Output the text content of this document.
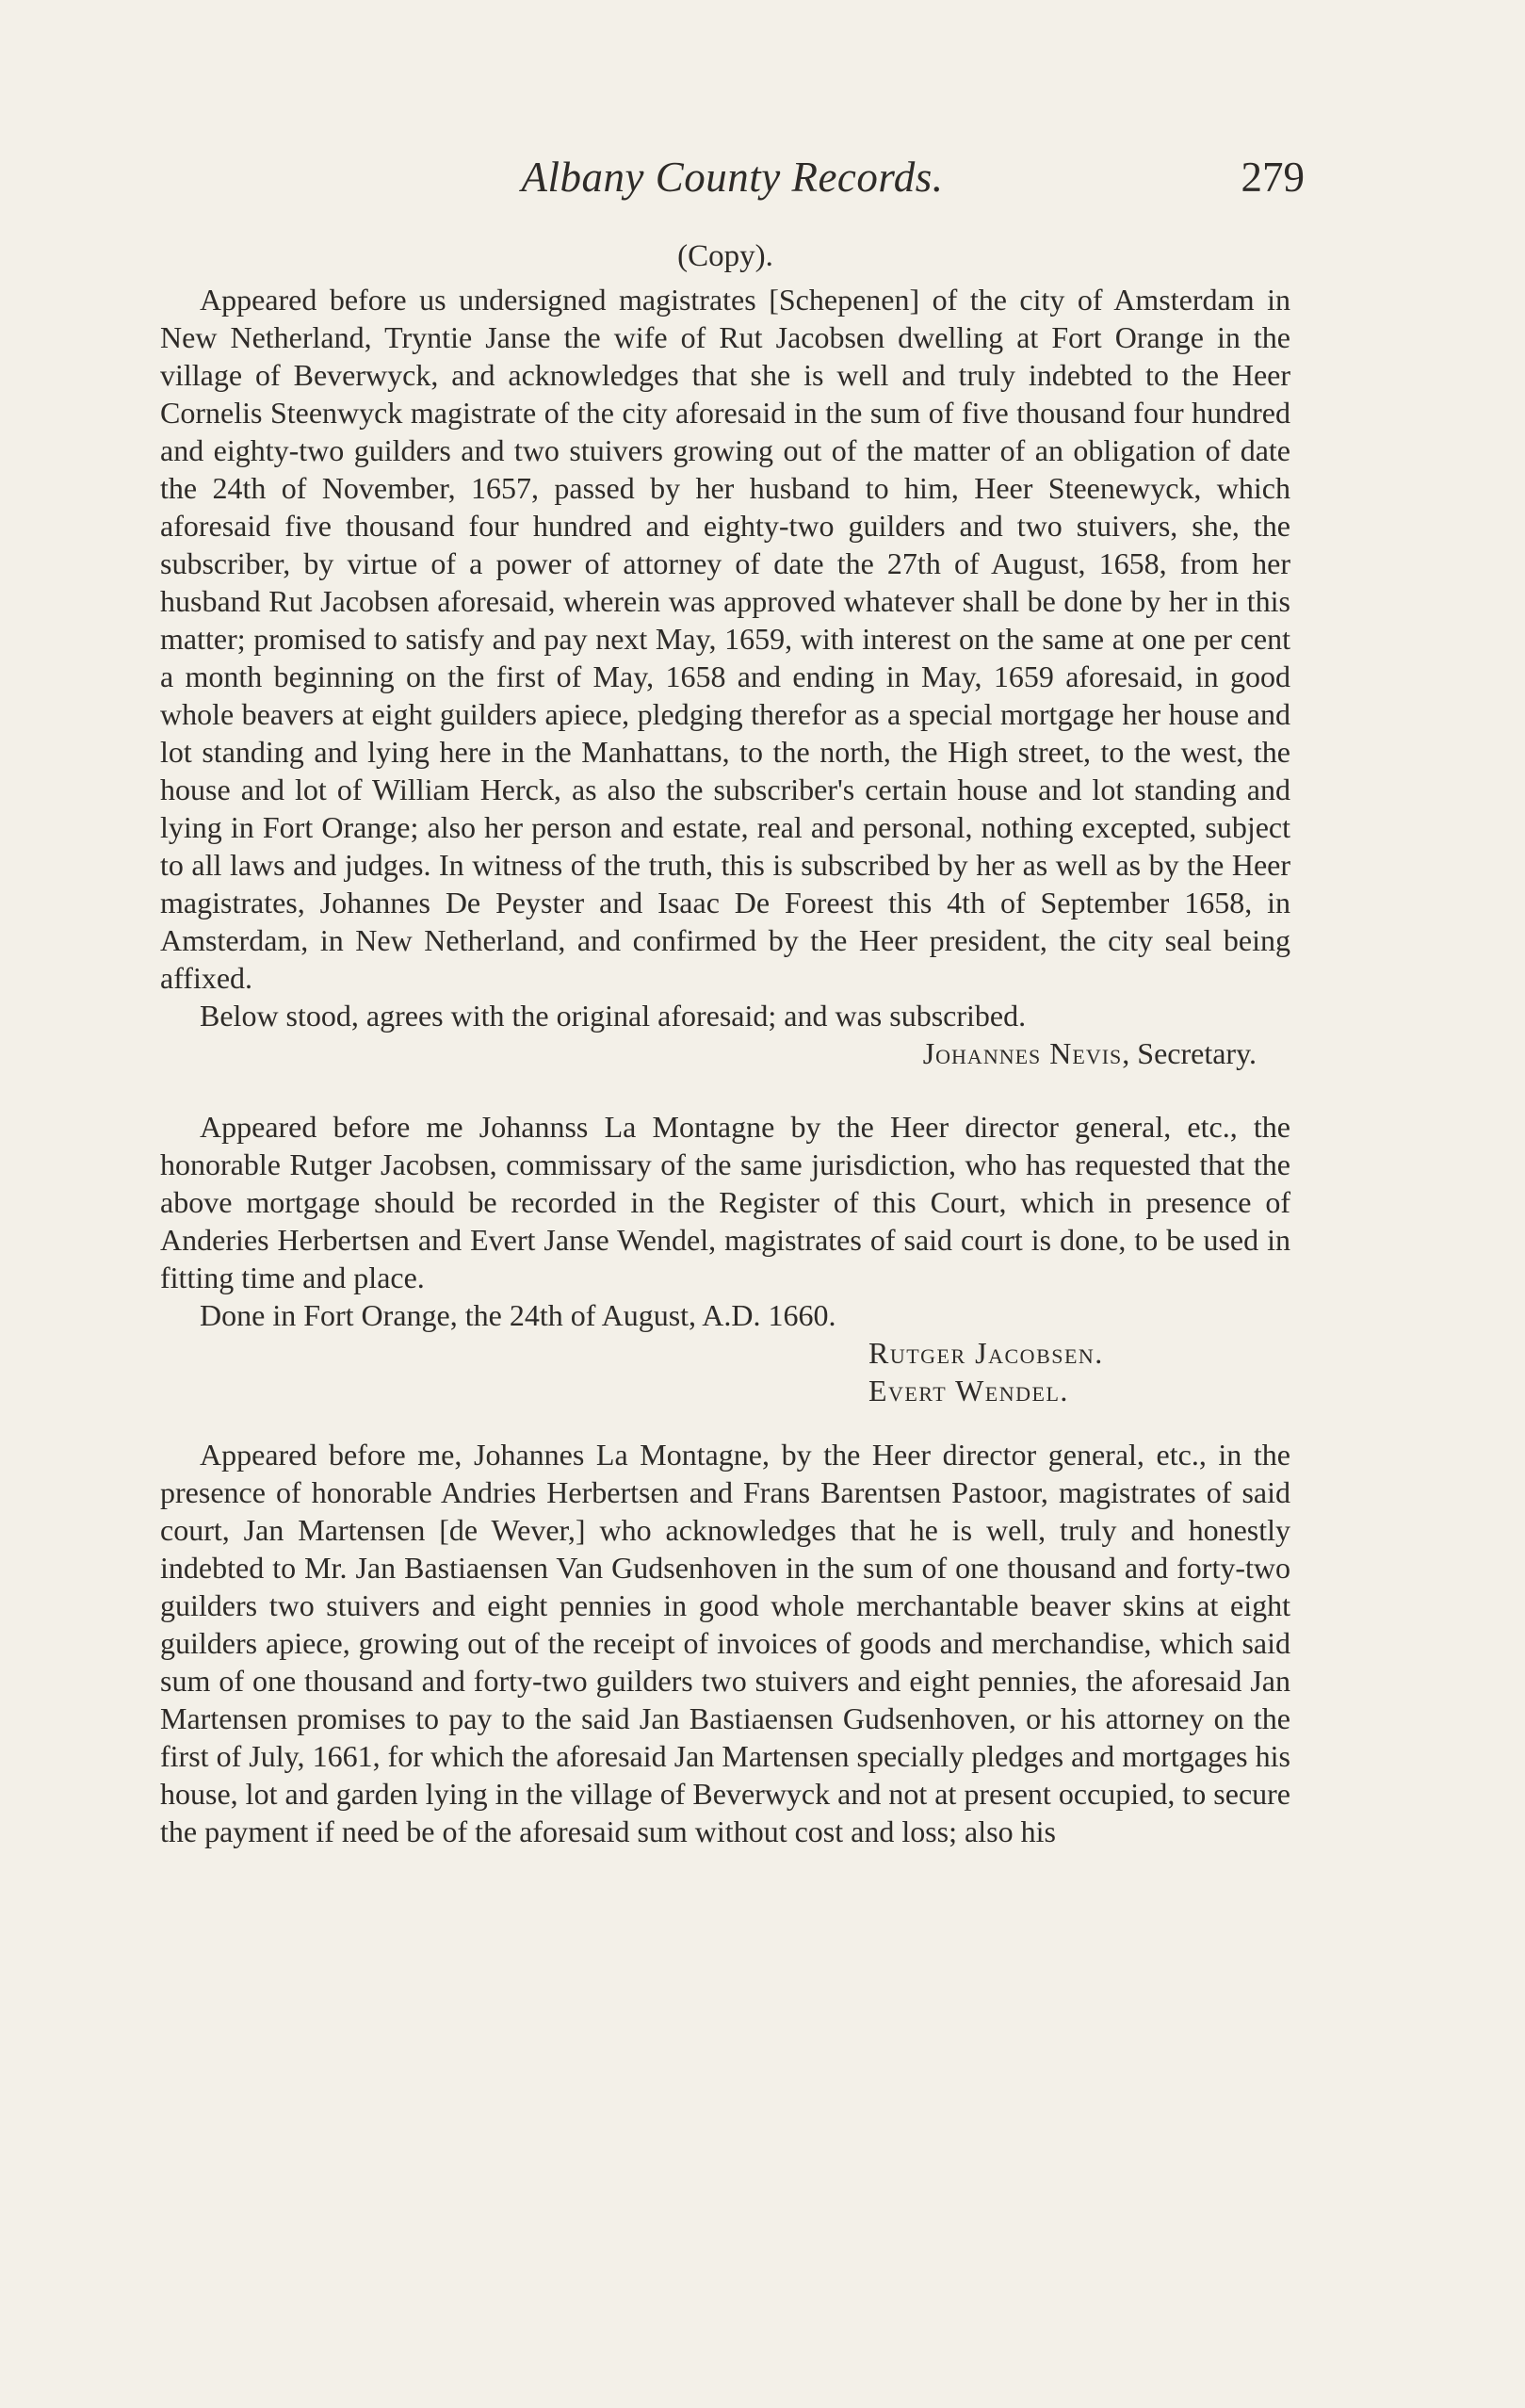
Albany County Records.	279
(Copy).

Appeared before us undersigned magistrates [Schepenen] of the city of Amsterdam in New Netherland, Tryntie Janse the wife of Rut Jacobsen dwelling at Fort Orange in the village of Beverwyck, and acknowledges that she is well and truly indebted to the Heer Cornelis Steenwyck magistrate of the city aforesaid in the sum of five thousand four hundred and eighty-two guilders and two stuivers growing out of the matter of an obligation of date the 24th of November, 1657, passed by her husband to him, Heer Steenewyck, which aforesaid five thousand four hundred and eighty-two guilders and two stuivers, she, the subscriber, by virtue of a power of attorney of date the 27th of August, 1658, from her husband Rut Jacobsen aforesaid, wherein was approved whatever shall be done by her in this matter; promised to satisfy and pay next May, 1659, with interest on the same at one per cent a month beginning on the first of May, 1658 and ending in May, 1659 aforesaid, in good whole beavers at eight guilders apiece, pledging therefor as a special mortgage her house and lot standing and lying here in the Manhattans, to the north, the High street, to the west, the house and lot of William Herck, as also the subscriber's certain house and lot standing and lying in Fort Orange; also her person and estate, real and personal, nothing excepted, subject to all laws and judges. In witness of the truth, this is subscribed by her as well as by the Heer magistrates, Johannes De Peyster and Isaac De Foreest this 4th of September 1658, in Amsterdam, in New Netherland, and confirmed by the Heer president, the city seal being affixed.

Below stood, agrees with the original aforesaid; and was subscribed.

Johannes Nevis, Secretary.

Appeared before me Johannss La Montagne by the Heer director general, etc., the honorable Rutger Jacobsen, commissary of the same jurisdiction, who has requested that the above mortgage should be recorded in the Register of this Court, which in presence of Anderies Herbertsen and Evert Janse Wendel, magistrates of said court is done, to be used in fitting time and place.

Done in Fort Orange, the 24th of August, A.D. 1660.

Rutger Jacobsen.
Evert Wendel.

Appeared before me, Johannes La Montagne, by the Heer director general, etc., in the presence of honorable Andries Herbertsen and Frans Barentsen Pastoor, magistrates of said court, Jan Martensen [de Wever,] who acknowledges that he is well, truly and honestly indebted to Mr. Jan Bastiaensen Van Gudsenhoven in the sum of one thousand and forty-two guilders two stuivers and eight pennies in good whole merchantable beaver skins at eight guilders apiece, growing out of the receipt of invoices of goods and merchandise, which said sum of one thousand and forty-two guilders two stuivers and eight pennies, the aforesaid Jan Martensen promises to pay to the said Jan Bastiaensen Gudsenhoven, or his attorney on the first of July, 1661, for which the aforesaid Jan Martensen specially pledges and mortgages his house, lot and garden lying in the village of Beverwyck and not at present occupied, to secure the payment if need be of the aforesaid sum without cost and loss; also his
